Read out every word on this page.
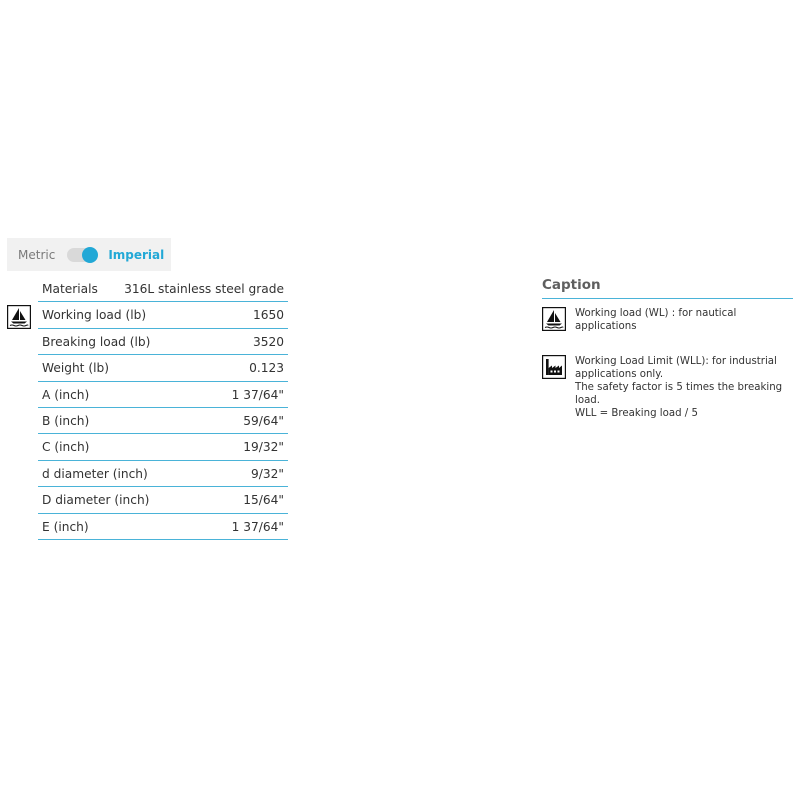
Metric	Imperial
Materials 316L stainless steel grade
Working load (lb)	1650
Breaking load (lb)	3520
Weight (lb)	0.123
A (inch)	1 37/64"
B (inch)	59/64"
C (inch)	19/32"
d diameter (inch)	9/32"
D diameter (inch)	15/64"
E (inch)	1 37/64"
Caption
Working load (WL) : for nautical
applications
Working Load Limit (WLL): for industrial
applications only.
The safety factor is 5 times the breaking
load.
WLL = Breaking load / 5
